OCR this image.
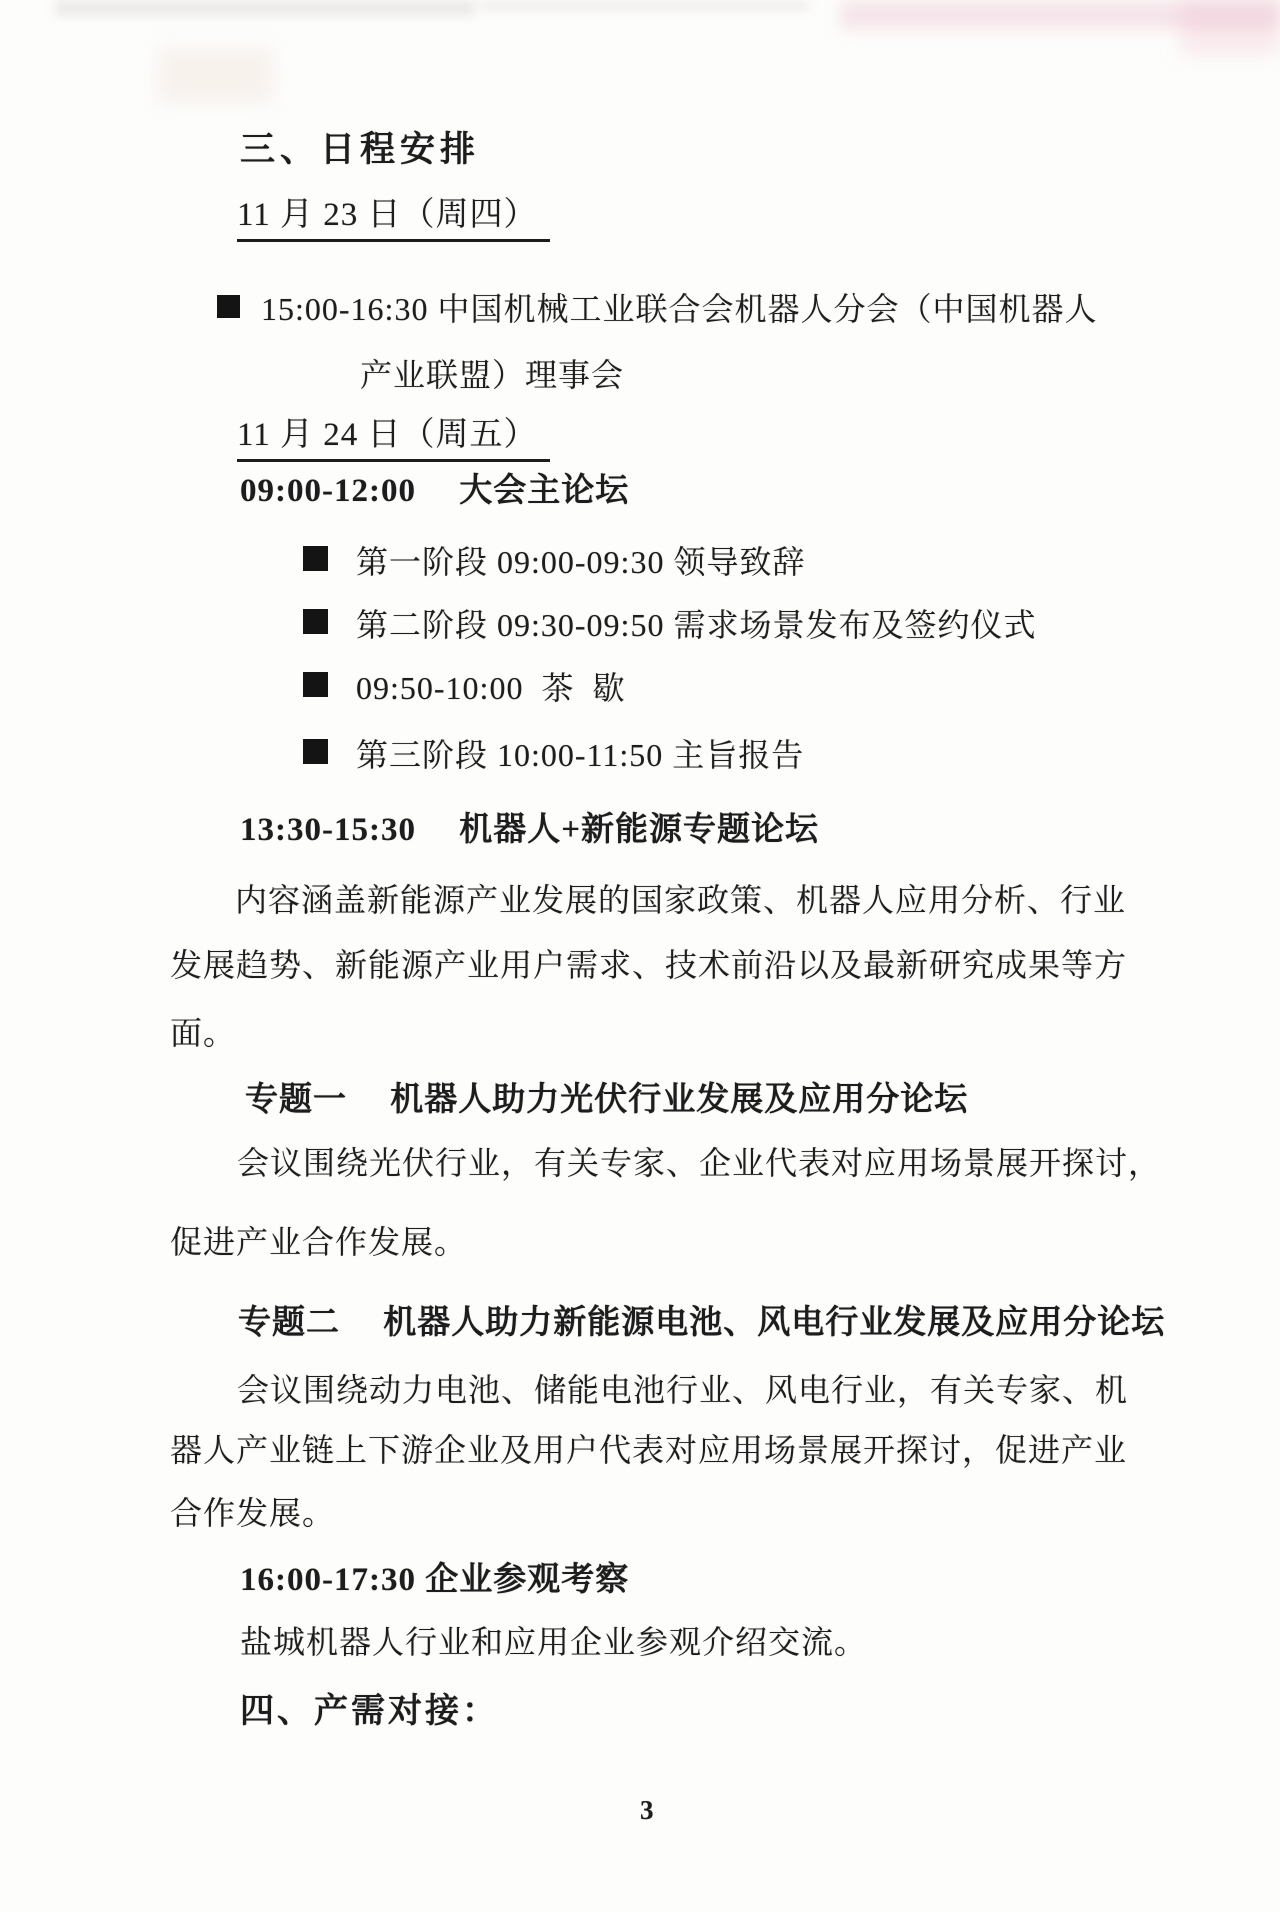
三、日程安排
11 月 23 日（周四）
15:00-16:30 中国机械工业联合会机器人分会（中国机器人
产业联盟）理事会
11 月 24 日（周五）
09:00-12:00　 大会主论坛
第一阶段 09:00-09:30 领导致辞
第二阶段 09:30-09:50 需求场景发布及签约仪式
09:50-10:00  茶  歇
第三阶段 10:00-11:50 主旨报告
13:30-15:30　 机器人+新能源专题论坛
内容涵盖新能源产业发展的国家政策、机器人应用分析、行业
发展趋势、新能源产业用户需求、技术前沿以及最新研究成果等方
面。
专题一　 机器人助力光伏行业发展及应用分论坛
会议围绕光伏行业，有关专家、企业代表对应用场景展开探讨，
促进产业合作发展。
专题二　 机器人助力新能源电池、风电行业发展及应用分论坛
会议围绕动力电池、储能电池行业、风电行业，有关专家、机
器人产业链上下游企业及用户代表对应用场景展开探讨，促进产业
合作发展。
16:00-17:30 企业参观考察
盐城机器人行业和应用企业参观介绍交流。
四、产需对接：
3
